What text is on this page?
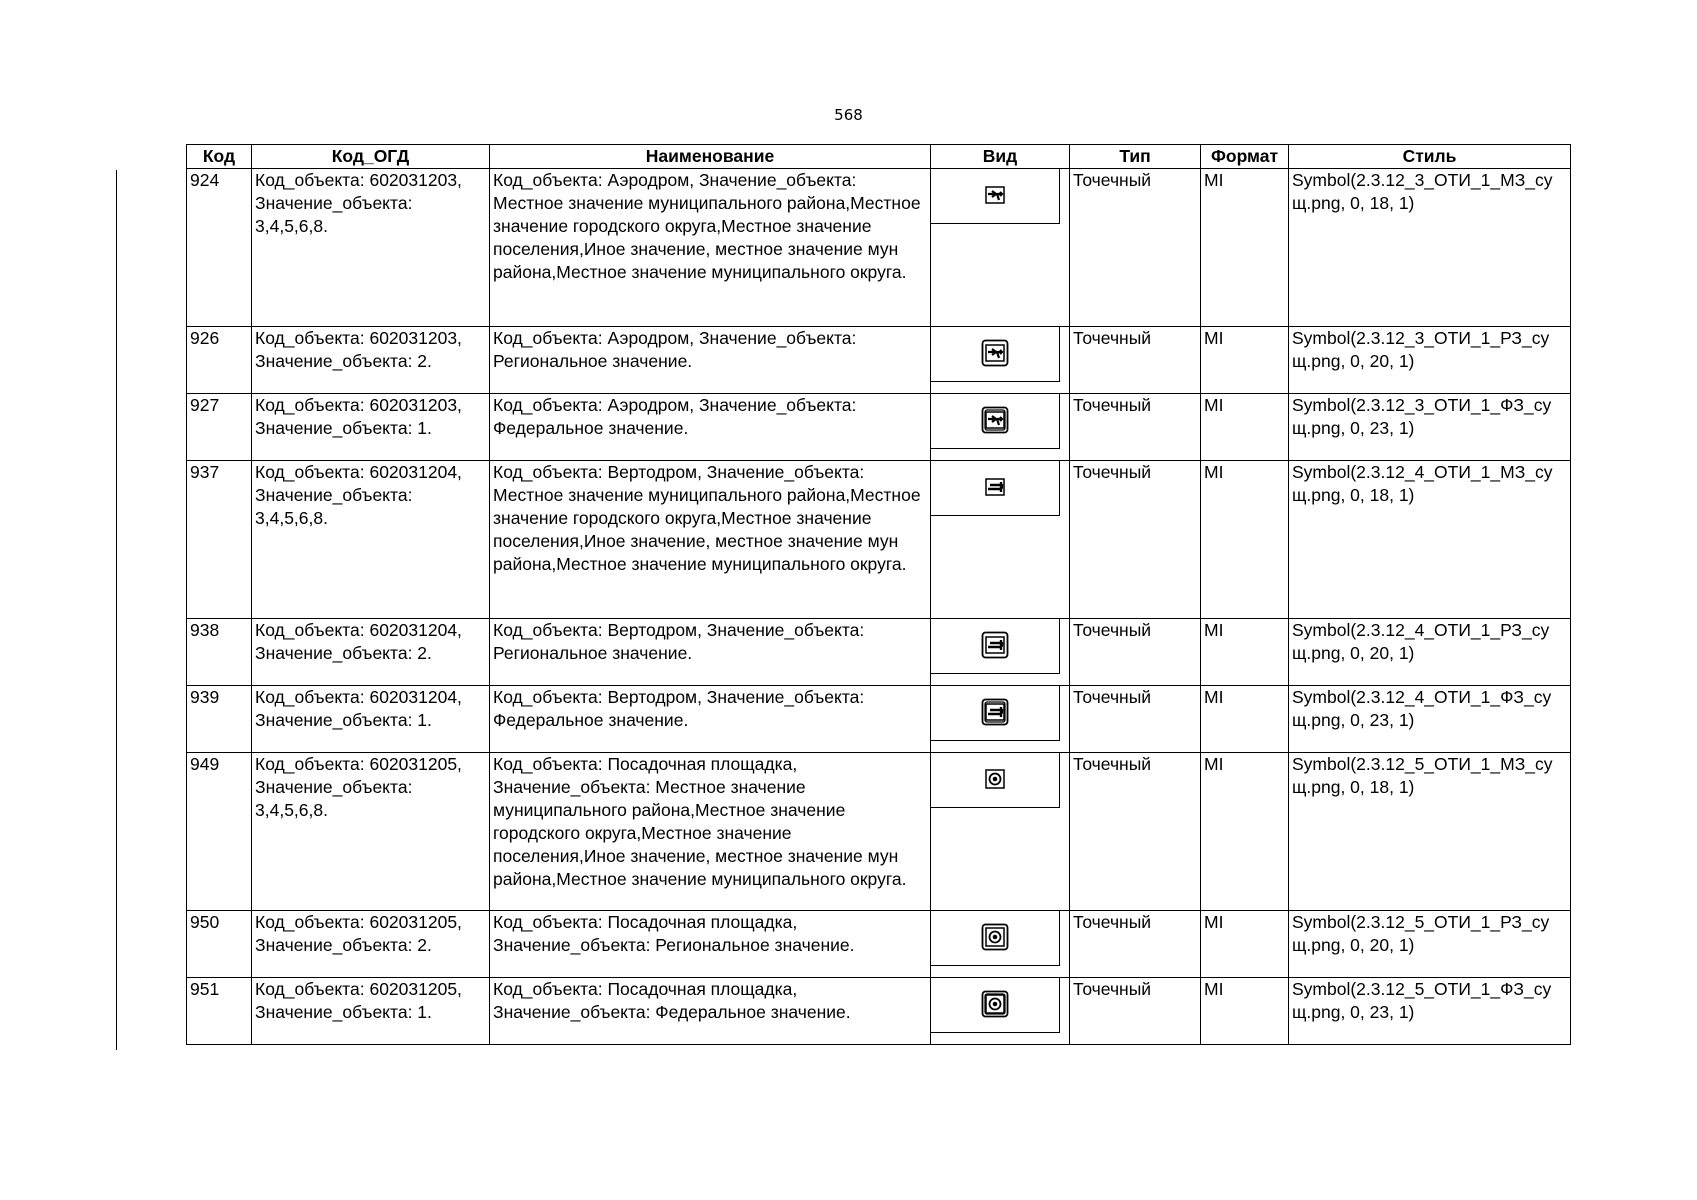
568
Код	Код_ОГД	Наименование	Вид	Тип	Формат	Стиль
924	Код_объекта: 602031203, Значение_объекта: 3,4,5,6,8.	Код_объекта: Аэродром, Значение_объекта: Местное значение муниципального района,Местное значение городского округа,Местное значение поселения,Иное значение, местное значение мун района,Местное значение муниципального округа.		Точечный	MI	Symbol(2.3.12_3_ОТИ_1_МЗ_сущ.png, 0, 18, 1)
926	Код_объекта: 602031203, Значение_объекта: 2.	Код_объекта: Аэродром, Значение_объекта: Региональное значение.		Точечный	MI	Symbol(2.3.12_3_ОТИ_1_РЗ_сущ.png, 0, 20, 1)
927	Код_объекта: 602031203, Значение_объекта: 1.	Код_объекта: Аэродром, Значение_объекта: Федеральное значение.		Точечный	MI	Symbol(2.3.12_3_ОТИ_1_ФЗ_сущ.png, 0, 23, 1)
937	Код_объекта: 602031204, Значение_объекта: 3,4,5,6,8.	Код_объекта: Вертодром, Значение_объекта: Местное значение муниципального района,Местное значение городского округа,Местное значение поселения,Иное значение, местное значение мун района,Местное значение муниципального округа.		Точечный	MI	Symbol(2.3.12_4_ОТИ_1_МЗ_сущ.png, 0, 18, 1)
938	Код_объекта: 602031204, Значение_объекта: 2.	Код_объекта: Вертодром, Значение_объекта: Региональное значение.		Точечный	MI	Symbol(2.3.12_4_ОТИ_1_РЗ_сущ.png, 0, 20, 1)
939	Код_объекта: 602031204, Значение_объекта: 1.	Код_объекта: Вертодром, Значение_объекта: Федеральное значение.		Точечный	MI	Symbol(2.3.12_4_ОТИ_1_ФЗ_сущ.png, 0, 23, 1)
949	Код_объекта: 602031205, Значение_объекта: 3,4,5,6,8.	Код_объекта: Посадочная площадка, Значение_объекта: Местное значение муниципального района,Местное значение городского округа,Местное значение поселения,Иное значение, местное значение мун района,Местное значение муниципального округа.		Точечный	MI	Symbol(2.3.12_5_ОТИ_1_МЗ_сущ.png, 0, 18, 1)
950	Код_объекта: 602031205, Значение_объекта: 2.	Код_объекта: Посадочная площадка, Значение_объекта: Региональное значение.		Точечный	MI	Symbol(2.3.12_5_ОТИ_1_РЗ_сущ.png, 0, 20, 1)
951	Код_объекта: 602031205, Значение_объекта: 1.	Код_объекта: Посадочная площадка, Значение_объекта: Федеральное значение.		Точечный	MI	Symbol(2.3.12_5_ОТИ_1_ФЗ_сущ.png, 0, 23, 1)
